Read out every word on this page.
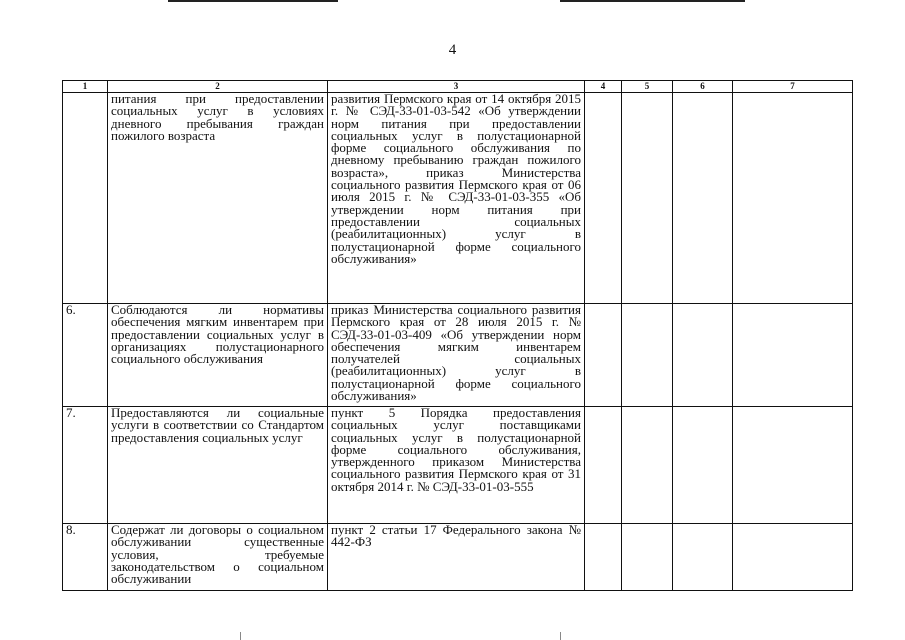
4
1	2	3	4	5	6	7
	питания при предоставлении социальных услуг в условиях дневного пребывания граждан пожилого возраста	развития Пермского края от 14 октября 2015 г. № СЭД-33-01-03-542 «Об утверждении норм питания при предоставлении социальных услуг в полустационарной форме социального обслуживания по дневному пребыванию граждан пожилого возраста», приказ Министерства социального развития Пермского края от 06 июля 2015 г. № СЭД-33-01-03-355 «Об утверждении норм питания при предоставлении социальных (реабилитационных) услуг в полустационарной форме социального обслуживания»				
6.	Соблюдаются ли нормативы обеспечения мягким инвентарем при предоставлении социальных услуг в организациях полустационарного социального обслуживания	приказ Министерства социального развития Пермского края от 28 июля 2015 г. № СЭД-33-01-03-409 «Об утверждении норм обеспечения мягким инвентарем получателей социальных (реабилитационных) услуг в полустационарной форме социального обслуживания»				
7.	Предоставляются ли социальные услуги в соответствии со Стандартом предоставления социальных услуг	пункт 5 Порядка предоставления социальных услуг поставщиками социальных услуг в полустационарной форме социального обслуживания, утвержденного приказом Министерства социального развития Пермского края от 31 октября 2014 г. № СЭД-33-01-03-555				
8.	Содержат ли договоры о социальном обслуживании существенные условия, требуемые законодательством о социальном обслуживании	пункт 2 статьи 17 Федерального закона № 442-ФЗ				
